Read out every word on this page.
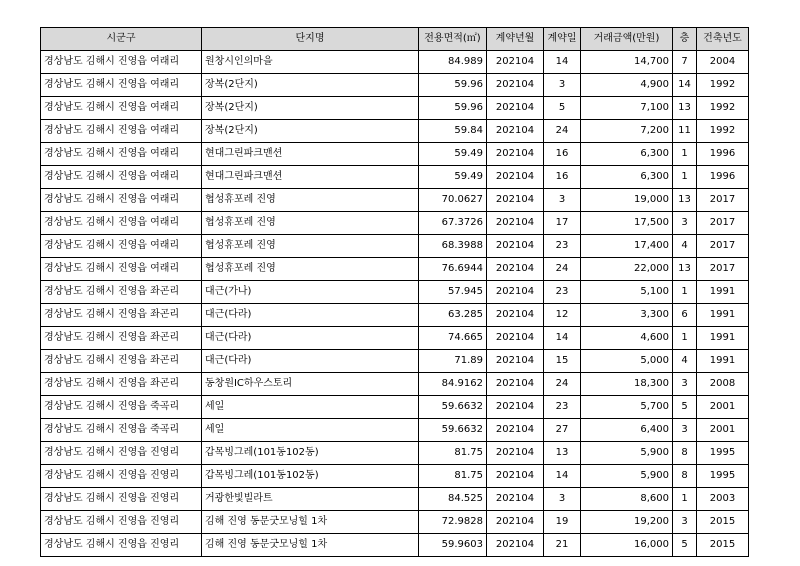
시군구	단지명	전용면적(㎡)	계약년월	계약일	거래금액(만원)	층	건축년도
경상남도 김해시 진영읍 여래리	원창시인의마을	84.989	202104	14	14,700	7	2004
경상남도 김해시 진영읍 여래리	장복(2단지)	59.96	202104	3	4,900	14	1992
경상남도 김해시 진영읍 여래리	장복(2단지)	59.96	202104	5	7,100	13	1992
경상남도 김해시 진영읍 여래리	장복(2단지)	59.84	202104	24	7,200	11	1992
경상남도 김해시 진영읍 여래리	현대그린파크맨션	59.49	202104	16	6,300	1	1996
경상남도 김해시 진영읍 여래리	현대그린파크맨션	59.49	202104	16	6,300	1	1996
경상남도 김해시 진영읍 여래리	협성휴포레 진영	70.0627	202104	3	19,000	13	2017
경상남도 김해시 진영읍 여래리	협성휴포레 진영	67.3726	202104	17	17,500	3	2017
경상남도 김해시 진영읍 여래리	협성휴포레 진영	68.3988	202104	23	17,400	4	2017
경상남도 김해시 진영읍 여래리	협성휴포레 진영	76.6944	202104	24	22,000	13	2017
경상남도 김해시 진영읍 좌곤리	대근(가나)	57.945	202104	23	5,100	1	1991
경상남도 김해시 진영읍 좌곤리	대근(다라)	63.285	202104	12	3,300	6	1991
경상남도 김해시 진영읍 좌곤리	대근(다라)	74.665	202104	14	4,600	1	1991
경상남도 김해시 진영읍 좌곤리	대근(다라)	71.89	202104	15	5,000	4	1991
경상남도 김해시 진영읍 좌곤리	동창원IC하우스토리	84.9162	202104	24	18,300	3	2008
경상남도 김해시 진영읍 죽곡리	세일	59.6632	202104	23	5,700	5	2001
경상남도 김해시 진영읍 죽곡리	세일	59.6632	202104	27	6,400	3	2001
경상남도 김해시 진영읍 진영리	갑목빙그레(101동102동)	81.75	202104	13	5,900	8	1995
경상남도 김해시 진영읍 진영리	갑목빙그레(101동102동)	81.75	202104	14	5,900	8	1995
경상남도 김해시 진영읍 진영리	거광한빛빌라트	84.525	202104	3	8,600	1	2003
경상남도 김해시 진영읍 진영리	김해 진영 동문굿모닝힐 1차	72.9828	202104	19	19,200	3	2015
경상남도 김해시 진영읍 진영리	김해 진영 동문굿모닝힐 1차	59.9603	202104	21	16,000	5	2015
